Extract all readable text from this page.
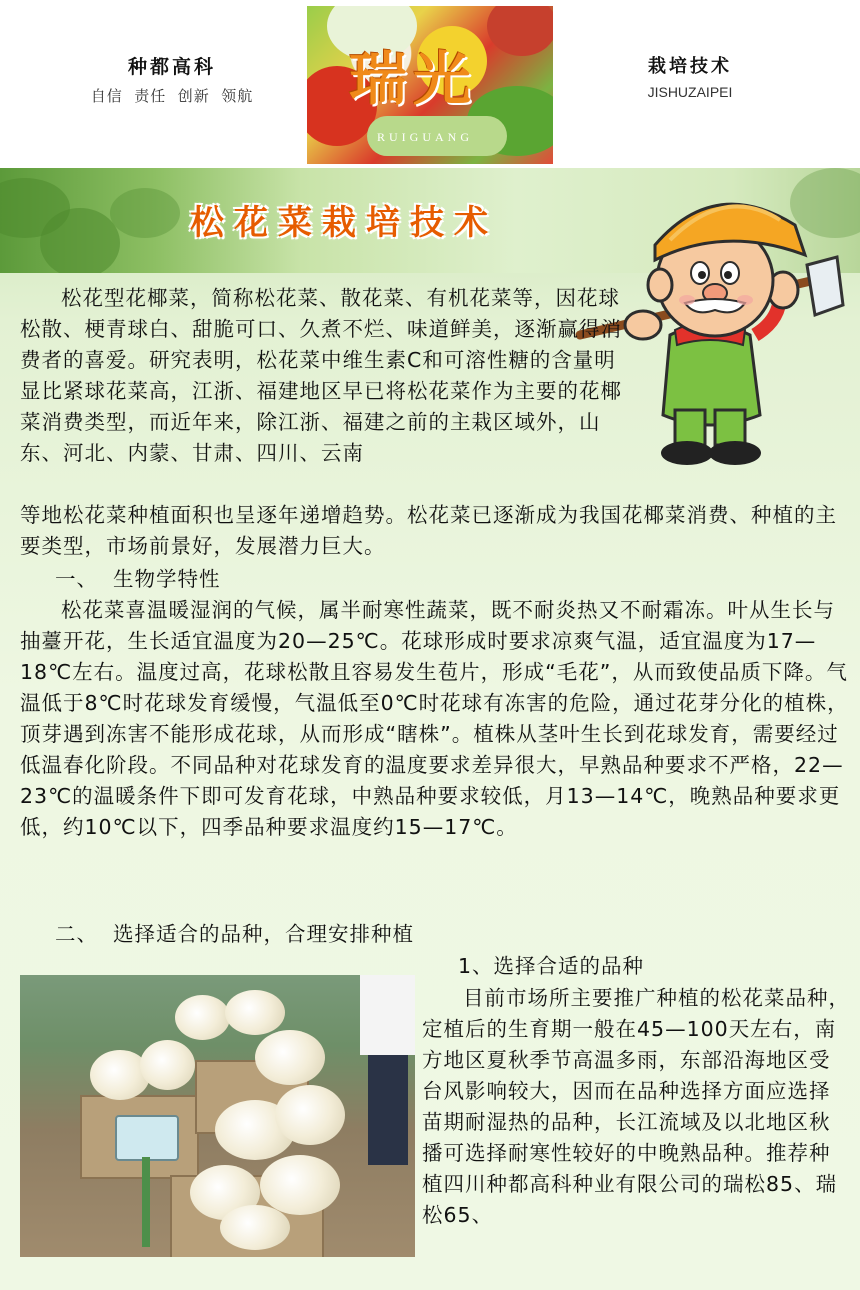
种都高科
自信  责任  创新  领航 瑞光
RUIGUANG
栽培技术
JISHUZAIPEI
松花菜栽培技术
松花型花椰菜，简称松花菜、散花菜、有机花菜等，因花球松散、梗青球白、甜脆可口、久煮不烂、味道鲜美，逐渐赢得消费者的喜爱。研究表明，松花菜中维生素C和可溶性糖的含量明显比紧球花菜高，江浙、福建地区早已将松花菜作为主要的花椰菜消费类型，而近年来，除江浙、福建之前的主栽区域外，山东、河北、内蒙、甘肃、四川、云南
等地松花菜种植面积也呈逐年递增趋势。松花菜已逐渐成为我国花椰菜消费、种植的主要类型，市场前景好，发展潜力巨大。
一、  生物学特性
松花菜喜温暖湿润的气候，属半耐寒性蔬菜，既不耐炎热又不耐霜冻。叶从生长与抽薹开花，生长适宜温度为20—25℃。花球形成时要求凉爽气温，适宜温度为17—18℃左右。温度过高，花球松散且容易发生苞片，形成“毛花”，从而致使品质下降。气温低于8℃时花球发育缓慢，气温低至0℃时花球有冻害的危险，通过花芽分化的植株，顶芽遇到冻害不能形成花球，从而形成“瞎株”。植株从茎叶生长到花球发育，需要经过低温春化阶段。不同品种对花球发育的温度要求差异很大，早熟品种要求不严格，22—23℃的温暖条件下即可发育花球，中熟品种要求较低，月13—14℃，晚熟品种要求更低，约10℃以下，四季品种要求温度约15—17℃。
二、  选择适合的品种，合理安排种植
1、选择合适的品种
目前市场所主要推广种植的松花菜品种，定植后的生育期一般在45—100天左右，南方地区夏秋季节高温多雨，东部沿海地区受台风影响较大，因而在品种选择方面应选择苗期耐湿热的品种，长江流域及以北地区秋播可选择耐寒性较好的中晚熟品种。推荐种植四川种都高科种业有限公司的瑞松85、瑞松65、
